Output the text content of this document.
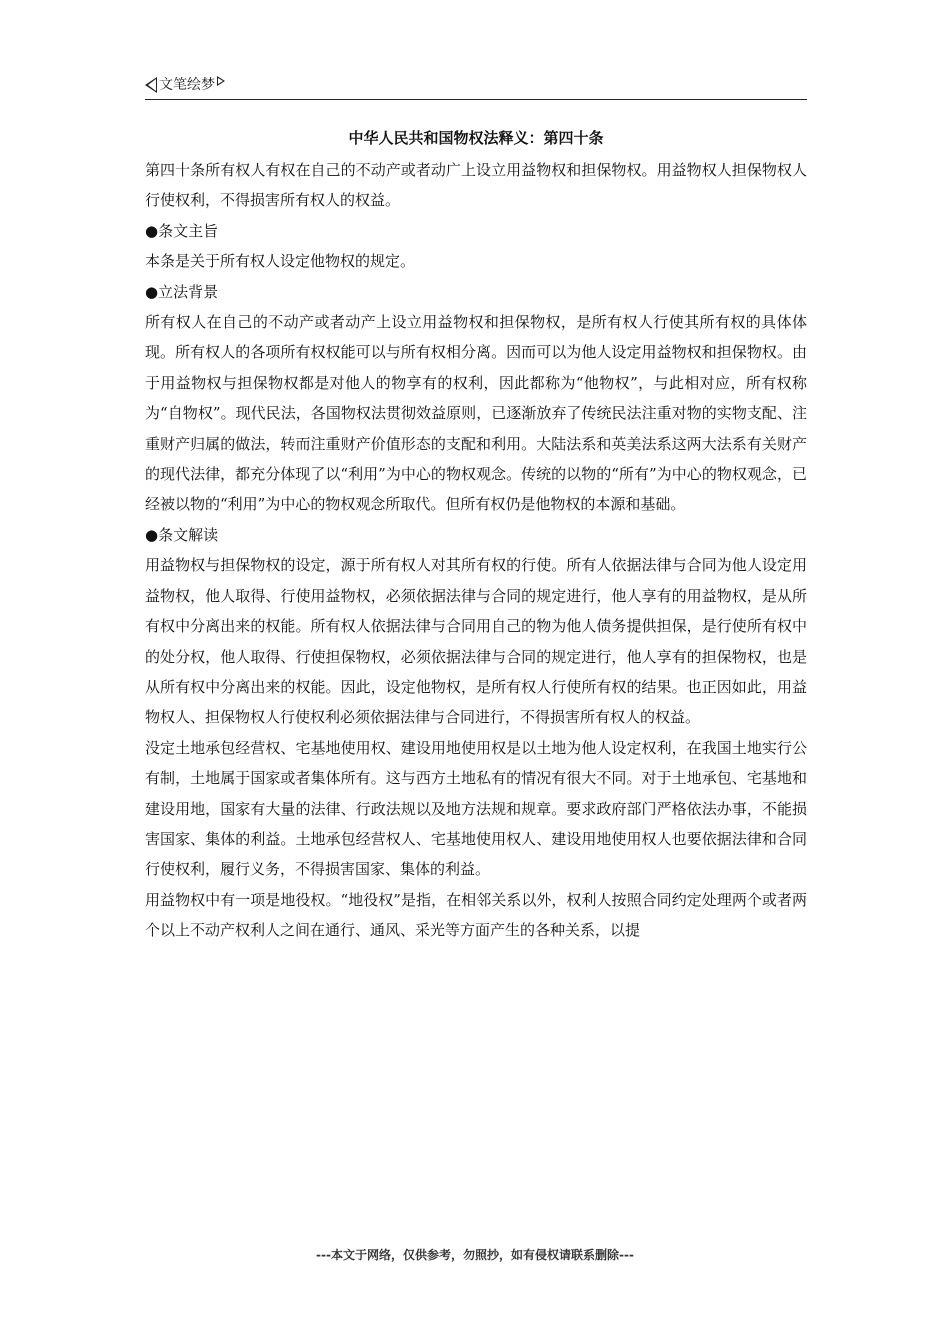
文笔绘梦
中华人民共和国物权法释义：第四十条

第四十条所有权人有权在自己的不动产或者动广上设立用益物权和担保物权。用益物权人担保物权人行使权利，不得损害所有权人的权益。

●条文主旨

本条是关于所有权人设定他物权的规定。

●立法背景

所有权人在自己的不动产或者动产上设立用益物权和担保物权，是所有权人行使其所有权的具体体现。所有权人的各项所有权权能可以与所有权相分离。因而可以为他人设定用益物权和担保物权。由于用益物权与担保物权都是对他人的物享有的权利，因此都称为“他物权”，与此相对应，所有权称为“自物权”。现代民法，各国物权法贯彻效益原则，已逐渐放弃了传统民法注重对物的实物支配、注重财产归属的做法，转而注重财产价值形态的支配和利用。大陆法系和英美法系这两大法系有关财产的现代法律，都充分体现了以“利用”为中心的物权观念。传统的以物的“所有”为中心的物权观念，已经被以物的“利用”为中心的物权观念所取代。但所有权仍是他物权的本源和基础。

●条文解读

用益物权与担保物权的设定，源于所有权人对其所有权的行使。所有人依据法律与合同为他人设定用益物权，他人取得、行使用益物权，必须依据法律与合同的规定进行，他人享有的用益物权，是从所有权中分离出来的权能。所有权人依据法律与合同用自己的物为他人债务提供担保，是行使所有权中的处分权，他人取得、行使担保物权，必须依据法律与合同的规定进行，他人享有的担保物权，也是从所有权中分离出来的权能。因此，设定他物权，是所有权人行使所有权的结果。也正因如此，用益物权人、担保物权人行使权利必须依据法律与合同进行，不得损害所有权人的权益。

没定土地承包经营权、宅基地使用权、建设用地使用权是以土地为他人设定权利，在我国土地实行公有制，土地属于国家或者集体所有。这与西方土地私有的情况有很大不同。对于土地承包、宅基地和建设用地，国家有大量的法律、行政法规以及地方法规和规章。要求政府部门严格依法办事，不能损害国家、集体的利益。土地承包经营权人、宅基地使用权人、建设用地使用权人也要依据法律和合同行使权利，履行义务，不得损害国家、集体的利益。

用益物权中有一项是地役权。“地役权”是指，在相邻关系以外，权利人按照合同约定处理两个或者两个以上不动产权利人之间在通行、通风、采光等方面产生的各种关系，以提

---本文于网络，仅供参考，勿照抄，如有侵权请联系删除---
